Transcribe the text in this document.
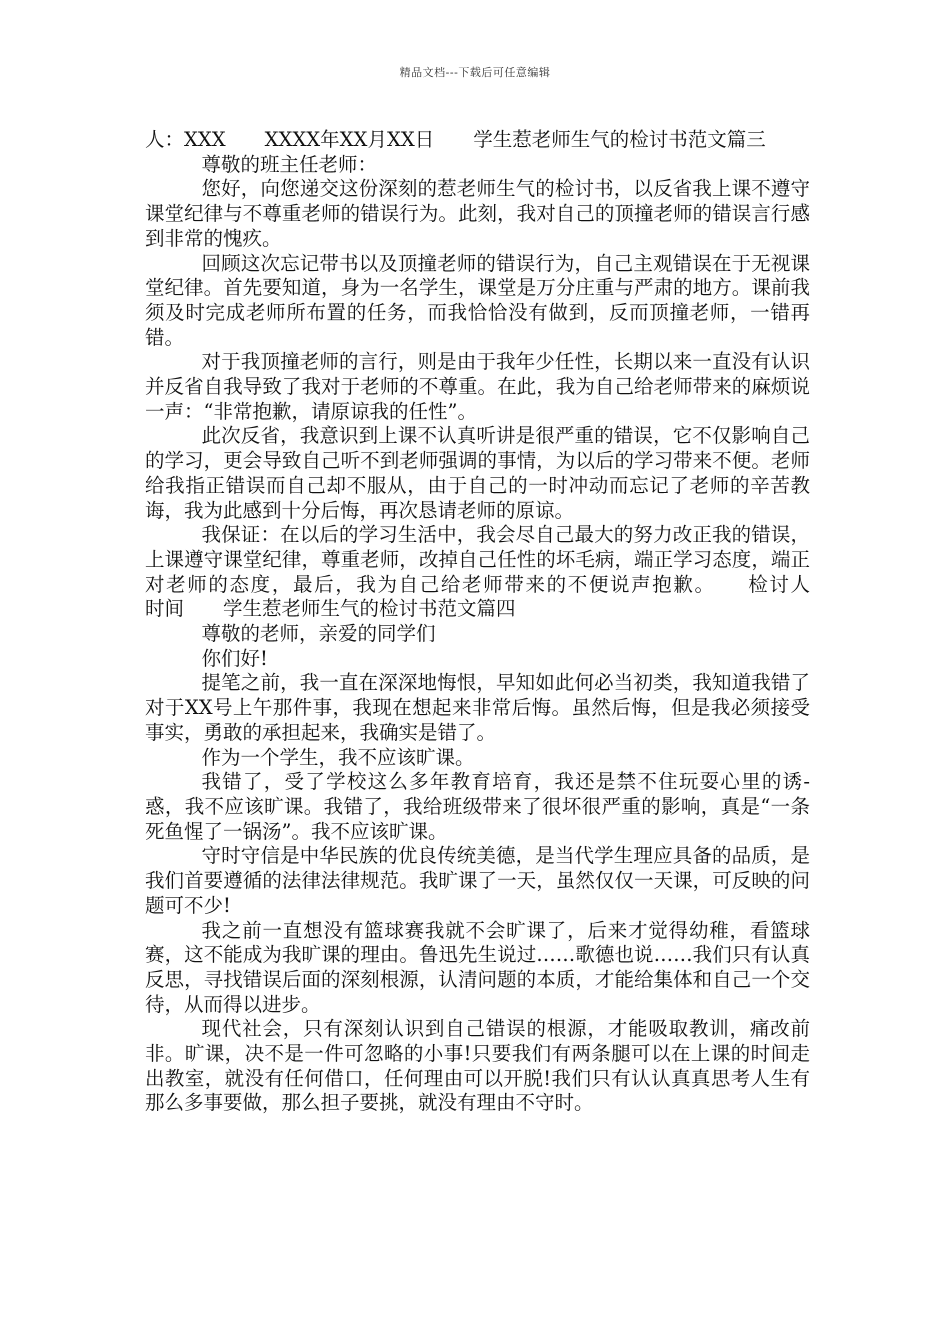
精品文档---下载后可任意编辑

人：XXX　　XXXX年XX月XX日　　学生惹老师生气的检讨书范文篇三

尊敬的班主任老师：

您好，向您递交这份深刻的惹老师生气的检讨书，以反省我上课不遵守课堂纪律与不尊重老师的错误行为。此刻，我对自己的顶撞老师的错误言行感到非常的愧疚。

回顾这次忘记带书以及顶撞老师的错误行为，自己主观错误在于无视课堂纪律。首先要知道，身为一名学生，课堂是万分庄重与严肃的地方。课前我须及时完成老师所布置的任务，而我恰恰没有做到，反而顶撞老师，一错再错。

对于我顶撞老师的言行，则是由于我年少任性，长期以来一直没有认识并反省自我导致了我对于老师的不尊重。在此，我为自己给老师带来的麻烦说一声：“非常抱歉，请原谅我的任性”。

此次反省，我意识到上课不认真听讲是很严重的错误，它不仅影响自己的学习，更会导致自己听不到老师强调的事情，为以后的学习带来不便。老师给我指正错误而自己却不服从，由于自己的一时冲动而忘记了老师的辛苦教诲，我为此感到十分后悔，再次恳请老师的原谅。

我保证：在以后的学习生活中，我会尽自己最大的努力改正我的错误，上课遵守课堂纪律，尊重老师，改掉自己任性的坏毛病，端正学习态度，端正对老师的态度，最后，我为自己给老师带来的不便说声抱歉。　　检讨人　　时间　　学生惹老师生气的检讨书范文篇四

尊敬的老师，亲爱的同学们

你们好!

提笔之前，我一直在深深地悔恨，早知如此何必当初类，我知道我错了对于XX号上午那件事，我现在想起来非常后悔。虽然后悔，但是我必须接受事实，勇敢的承担起来，我确实是错了。

作为一个学生，我不应该旷课。

我错了，受了学校这么多年教育培育，我还是禁不住玩耍心里的诱-惑，我不应该旷课。我错了，我给班级带来了很坏很严重的影响，真是“一条死鱼惺了一锅汤”。我不应该旷课。

守时守信是中华民族的优良传统美德，是当代学生理应具备的品质，是我们首要遵循的法律法律规范。我旷课了一天，虽然仅仅一天课，可反映的问题可不少!

我之前一直想没有篮球赛我就不会旷课了，后来才觉得幼稚，看篮球赛，这不能成为我旷课的理由。鲁迅先生说过……歌德也说……我们只有认真反思，寻找错误后面的深刻根源，认清问题的本质，才能给集体和自己一个交待，从而得以进步。

现代社会，只有深刻认识到自己错误的根源，才能吸取教训，痛改前非。旷课，决不是一件可忽略的小事!只要我们有两条腿可以在上课的时间走出教室，就没有任何借口，任何理由可以开脱!我们只有认认真真思考人生有那么多事要做，那么担子要挑，就没有理由不守时。
